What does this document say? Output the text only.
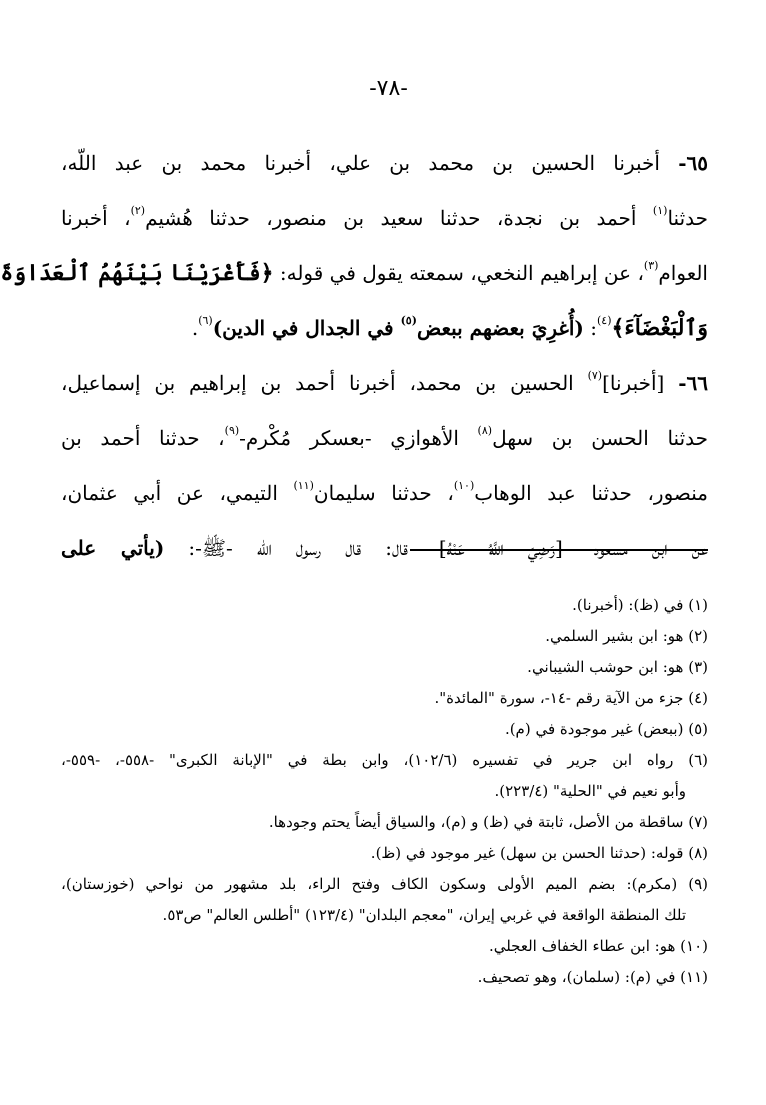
-٧٨-
٦٥- أخبرنا الحسين بن محمد بن علي، أخبرنا محمد بن عبد اللّه،
حدثنا$^{(١)}$ أحمد بن نجدة، حدثنا سعيد بن منصور، حدثنا هُشيم$^{(٢)}$، أخبرنا
العوام$^{(٣)}$، عن إبراهيم النخعي، سمعته يقول في قوله: ﴿فَأَغْرَيْنَا بَيْنَهُمُ ٱلْعَدَاوَةَ
وَٱلْبَغْضَآءَ﴾$^{(٤)}$: (أُغرِيَ بعضهم ببعض$^{(٥)}$ في الجدال في الدين)$^{(٦)}$.
٦٦- [أخبرنا]$^{(٧)}$ الحسين بن محمد، أخبرنا أحمد بن إبراهيم بن إسماعيل،
حدثنا الحسن بن سهل$^{(٨)}$ الأهوازي -بعسكر مُكْرم-$^{(٩)}$، حدثنا أحمد بن
منصور، حدثنا عبد الوهاب$^{(١٠)}$، حدثنا سليمان$^{(١١)}$ التيمي، عن أبي عثمان،
عن ابن مسعود -[رَضِيَ اللَّهُ عَنْهُ]- قال: قال رسول اللّه -ﷺ-: (يأتي على
(١) في (ظ): (أخبرنا).
(٢) هو: ابن بشير السلمي.
(٣) هو: ابن حوشب الشيباني.
(٤) جزء من الآية رقم -١٤-، سورة "المائدة".
(٥) (ببعض) غير موجودة في (م).
(٦) رواه ابن جرير في تفسيره (١٠٢/٦)، وابن بطة في "الإبانة الكبرى" -٥٥٨-، -٥٥٩-،
وأبو نعيم في "الحلية" (٢٢٣/٤).
(٧) ساقطة من الأصل، ثابتة في (ظ) و (م)، والسياق أيضاً يحتم وجودها.
(٨) قوله: (حدثنا الحسن بن سهل) غير موجود في (ظ).
(٩) (مكرم): بضم الميم الأولى وسكون الكاف وفتح الراء، بلد مشهور من نواحي (خوزستان)،
تلك المنطقة الواقعة في غربي إيران، "معجم البلدان" (١٢٣/٤) "أطلس العالم" ص٥٣.
(١٠) هو: ابن عطاء الخفاف العجلي.
(١١) في (م): (سلمان)، وهو تصحيف.
